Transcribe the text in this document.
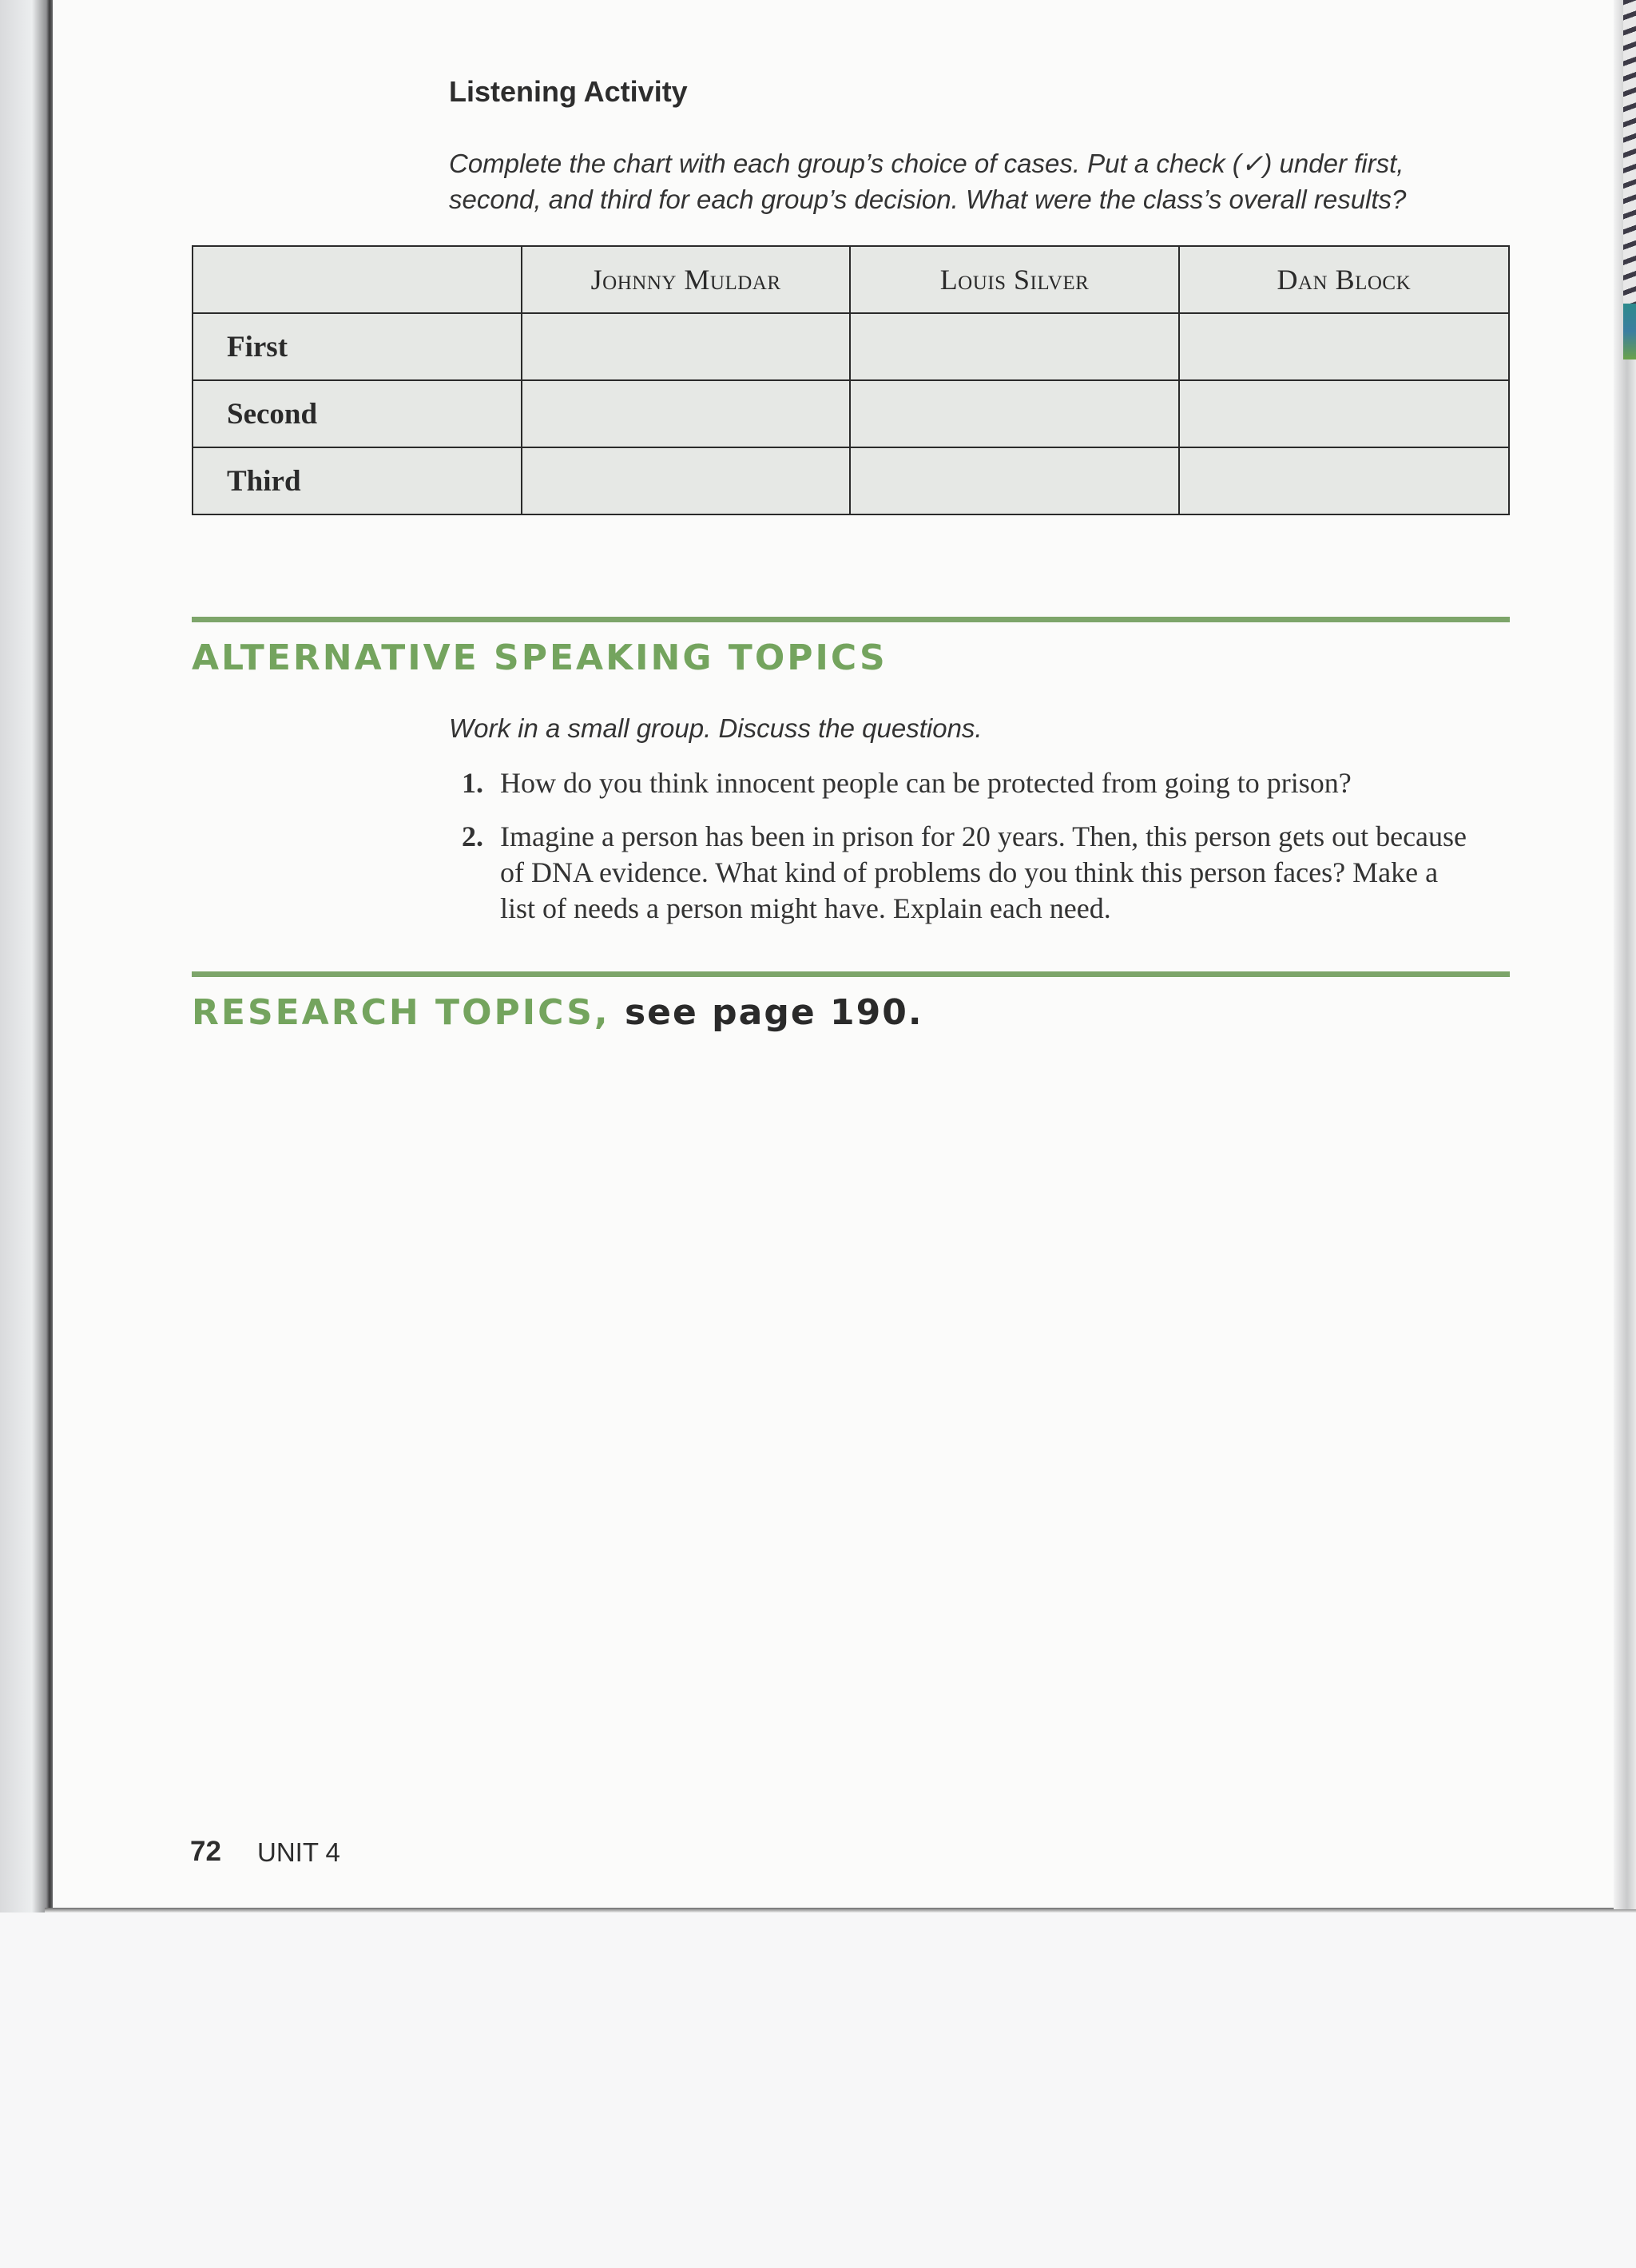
Listening Activity

Complete the chart with each group’s choice of cases. Put a check (✓) under first, second, and third for each group’s decision. What were the class’s overall results?

	Johnny Muldar	Louis Silver	Dan Block
First			
Second			
Third			
ALTERNATIVE SPEAKING TOPICS

Work in a small group. Discuss the questions.

1. How do you think innocent people can be protected from going to prison?
2. Imagine a person has been in prison for 20 years. Then, this person gets out because of DNA evidence. What kind of problems do you think this person faces? Make a list of needs a person might have. Explain each need.
RESEARCH TOPICS, see page 190.
72 UNIT 4
